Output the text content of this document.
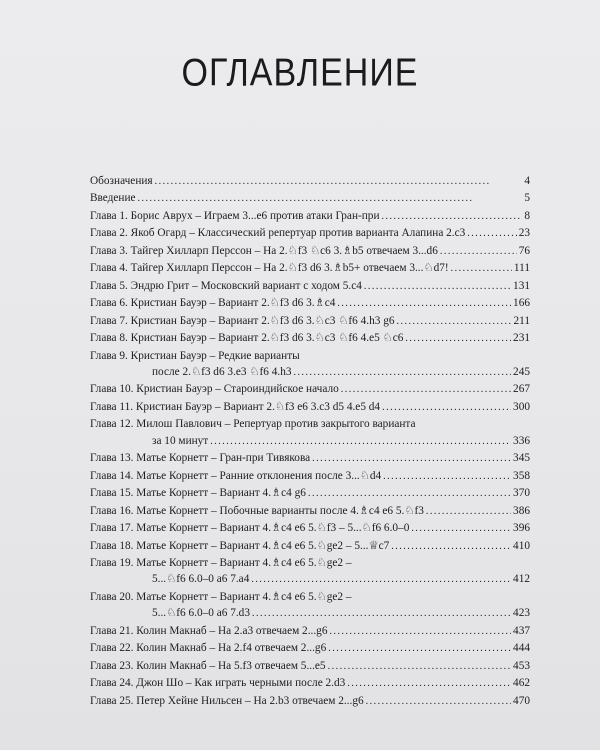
ОГЛАВЛЕНИЕ
Обозначения . . .	4
Введение . . .	5
Глава 1. Борис Аврух – Играем 3...e6 против атаки Гран-при . . .	8
Глава 2. Якоб Огард – Классический репертуар против варианта Алапина 2.c3 . . .	23
Глава 3. Тайгер Хилларп Перссон – На 2.♘f3 ♘c6 3.♗b5 отвечаем 3...d6 . . .	76
Глава 4. Тайгер Хилларп Перссон – На 2.♘f3 d6 3.♗b5+ отвечаем 3...♘d7! . . .	111
Глава 5. Эндрю Грит – Московский вариант с ходом 5.c4 . . .	131
Глава 6. Кристиан Бауэр – Вариант 2.♘f3 d6 3.♗c4 . . .	166
Глава 7. Кристиан Бауэр – Вариант 2.♘f3 d6 3.♘c3 ♘f6 4.h3 g6 . . .	211
Глава 8. Кристиан Бауэр – Вариант 2.♘f3 d6 3.♘c3 ♘f6 4.e5 ♘c6 . . .	231
Глава 9. Кристиан Бауэр – Редкие варианты
после 2.♘f3 d6 3.e3 ♘f6 4.h3 . . .	245
Глава 10. Кристиан Бауэр – Староиндийское начало . . .	267
Глава 11. Кристиан Бауэр – Вариант 2.♘f3 e6 3.c3 d5 4.e5 d4 . . .	300
Глава 12. Милош Павлович – Репертуар против закрытого варианта
за 10 минут . . .	336
Глава 13. Матье Корнетт – Гран-при Тивякова . . .	345
Глава 14. Матье Корнетт – Ранние отклонения после 3...♘d4 . . .	358
Глава 15. Матье Корнетт – Вариант 4.♗c4 g6 . . .	370
Глава 16. Матье Корнетт – Побочные варианты после 4.♗c4 e6 5.♘f3 . . .	386
Глава 17. Матье Корнетт – Вариант 4.♗c4 e6 5.♘f3 – 5...♘f6 6.0–0 . . .	396
Глава 18. Матье Корнетт – Вариант 4.♗c4 e6 5.♘ge2 – 5...♕c7 . . .	410
Глава 19. Матье Корнетт – Вариант 4.♗c4 e6 5.♘ge2 –
5...♘f6 6.0–0 a6 7.a4 . . .	412
Глава 20. Матье Корнетт – Вариант 4.♗c4 e6 5.♘ge2 –
5...♘f6 6.0–0 a6 7.d3 . . .	423
Глава 21. Колин Макнаб – На 2.a3 отвечаем 2...g6 . . .	437
Глава 22. Колин Макнаб – На 2.f4 отвечаем 2...g6 . . .	444
Глава 23. Колин Макнаб – На 5.f3 отвечаем 5...e5 . . .	453
Глава 24. Джон Шо – Как играть черными после 2.d3 . . .	462
Глава 25. Петер Хейне Нильсен – На 2.b3 отвечаем 2...g6 . . .	470
